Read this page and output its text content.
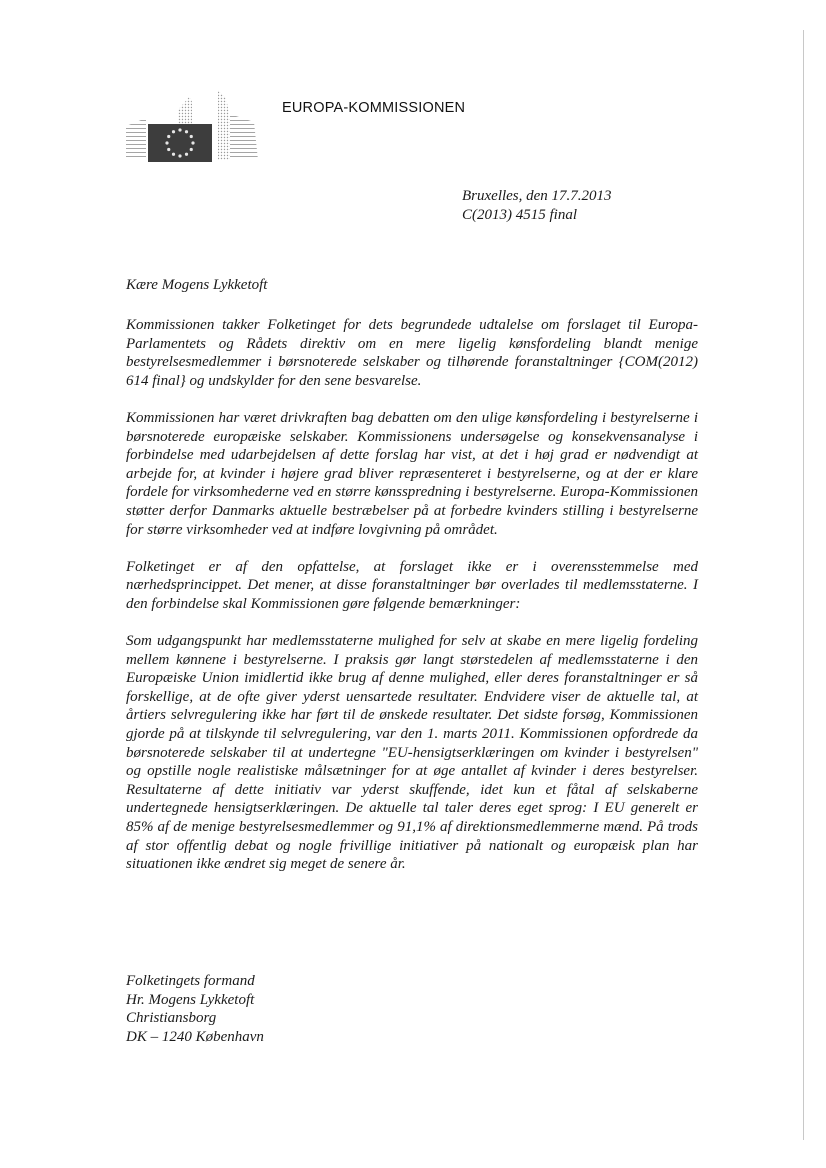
EUROPA-KOMMISSIONEN
Bruxelles, den 17.7.2013
C(2013) 4515 final
Kære Mogens Lykketoft

Kommissionen takker Folketinget for dets begrundede udtalelse om forslaget til Europa-Parlamentets og Rådets direktiv om en mere ligelig kønsfordeling blandt menige bestyrelsesmedlemmer i børsnoterede selskaber og tilhørende foranstaltninger {COM(2012) 614 final} og undskylder for den sene besvarelse.

Kommissionen har været drivkraften bag debatten om den ulige kønsfordeling i bestyrelserne i børsnoterede europæiske selskaber. Kommissionens undersøgelse og konsekvensanalyse i forbindelse med udarbejdelsen af dette forslag har vist, at det i høj grad er nødvendigt at arbejde for, at kvinder i højere grad bliver repræsenteret i bestyrelserne, og at der er klare fordele for virksomhederne ved en større kønsspredning i bestyrelserne. Europa-Kommissionen støtter derfor Danmarks aktuelle bestræbelser på at forbedre kvinders stilling i bestyrelserne for større virksomheder ved at indføre lovgivning på området.

Folketinget er af den opfattelse, at forslaget ikke er i overensstemmelse med nærhedsprincippet. Det mener, at disse foranstaltninger bør overlades til medlemsstaterne. I den forbindelse skal Kommissionen gøre følgende bemærkninger:

Som udgangspunkt har medlemsstaterne mulighed for selv at skabe en mere ligelig fordeling mellem kønnene i bestyrelserne. I praksis gør langt størstedelen af medlemsstaterne i den Europæiske Union imidlertid ikke brug af denne mulighed, eller deres foranstaltninger er så forskellige, at de ofte giver yderst uensartede resultater. Endvidere viser de aktuelle tal, at årtiers selvregulering ikke har ført til de ønskede resultater. Det sidste forsøg, Kommissionen gjorde på at tilskynde til selvregulering, var den 1. marts 2011. Kommissionen opfordrede da børsnoterede selskaber til at undertegne "EU-hensigtserklæringen om kvinder i bestyrelsen" og opstille nogle realistiske målsætninger for at øge antallet af kvinder i deres bestyrelser. Resultaterne af dette initiativ var yderst skuffende, idet kun et fåtal af selskaberne undertegnede hensigtserklæringen. De aktuelle tal taler deres eget sprog: I EU generelt er 85% af de menige bestyrelsesmedlemmer og 91,1% af direktionsmedlemmerne mænd. På trods af stor offentlig debat og nogle frivillige initiativer på nationalt og europæisk plan har situationen ikke ændret sig meget de senere år.

Folketingets formand
Hr. Mogens Lykketoft
Christiansborg
DK – 1240 København
